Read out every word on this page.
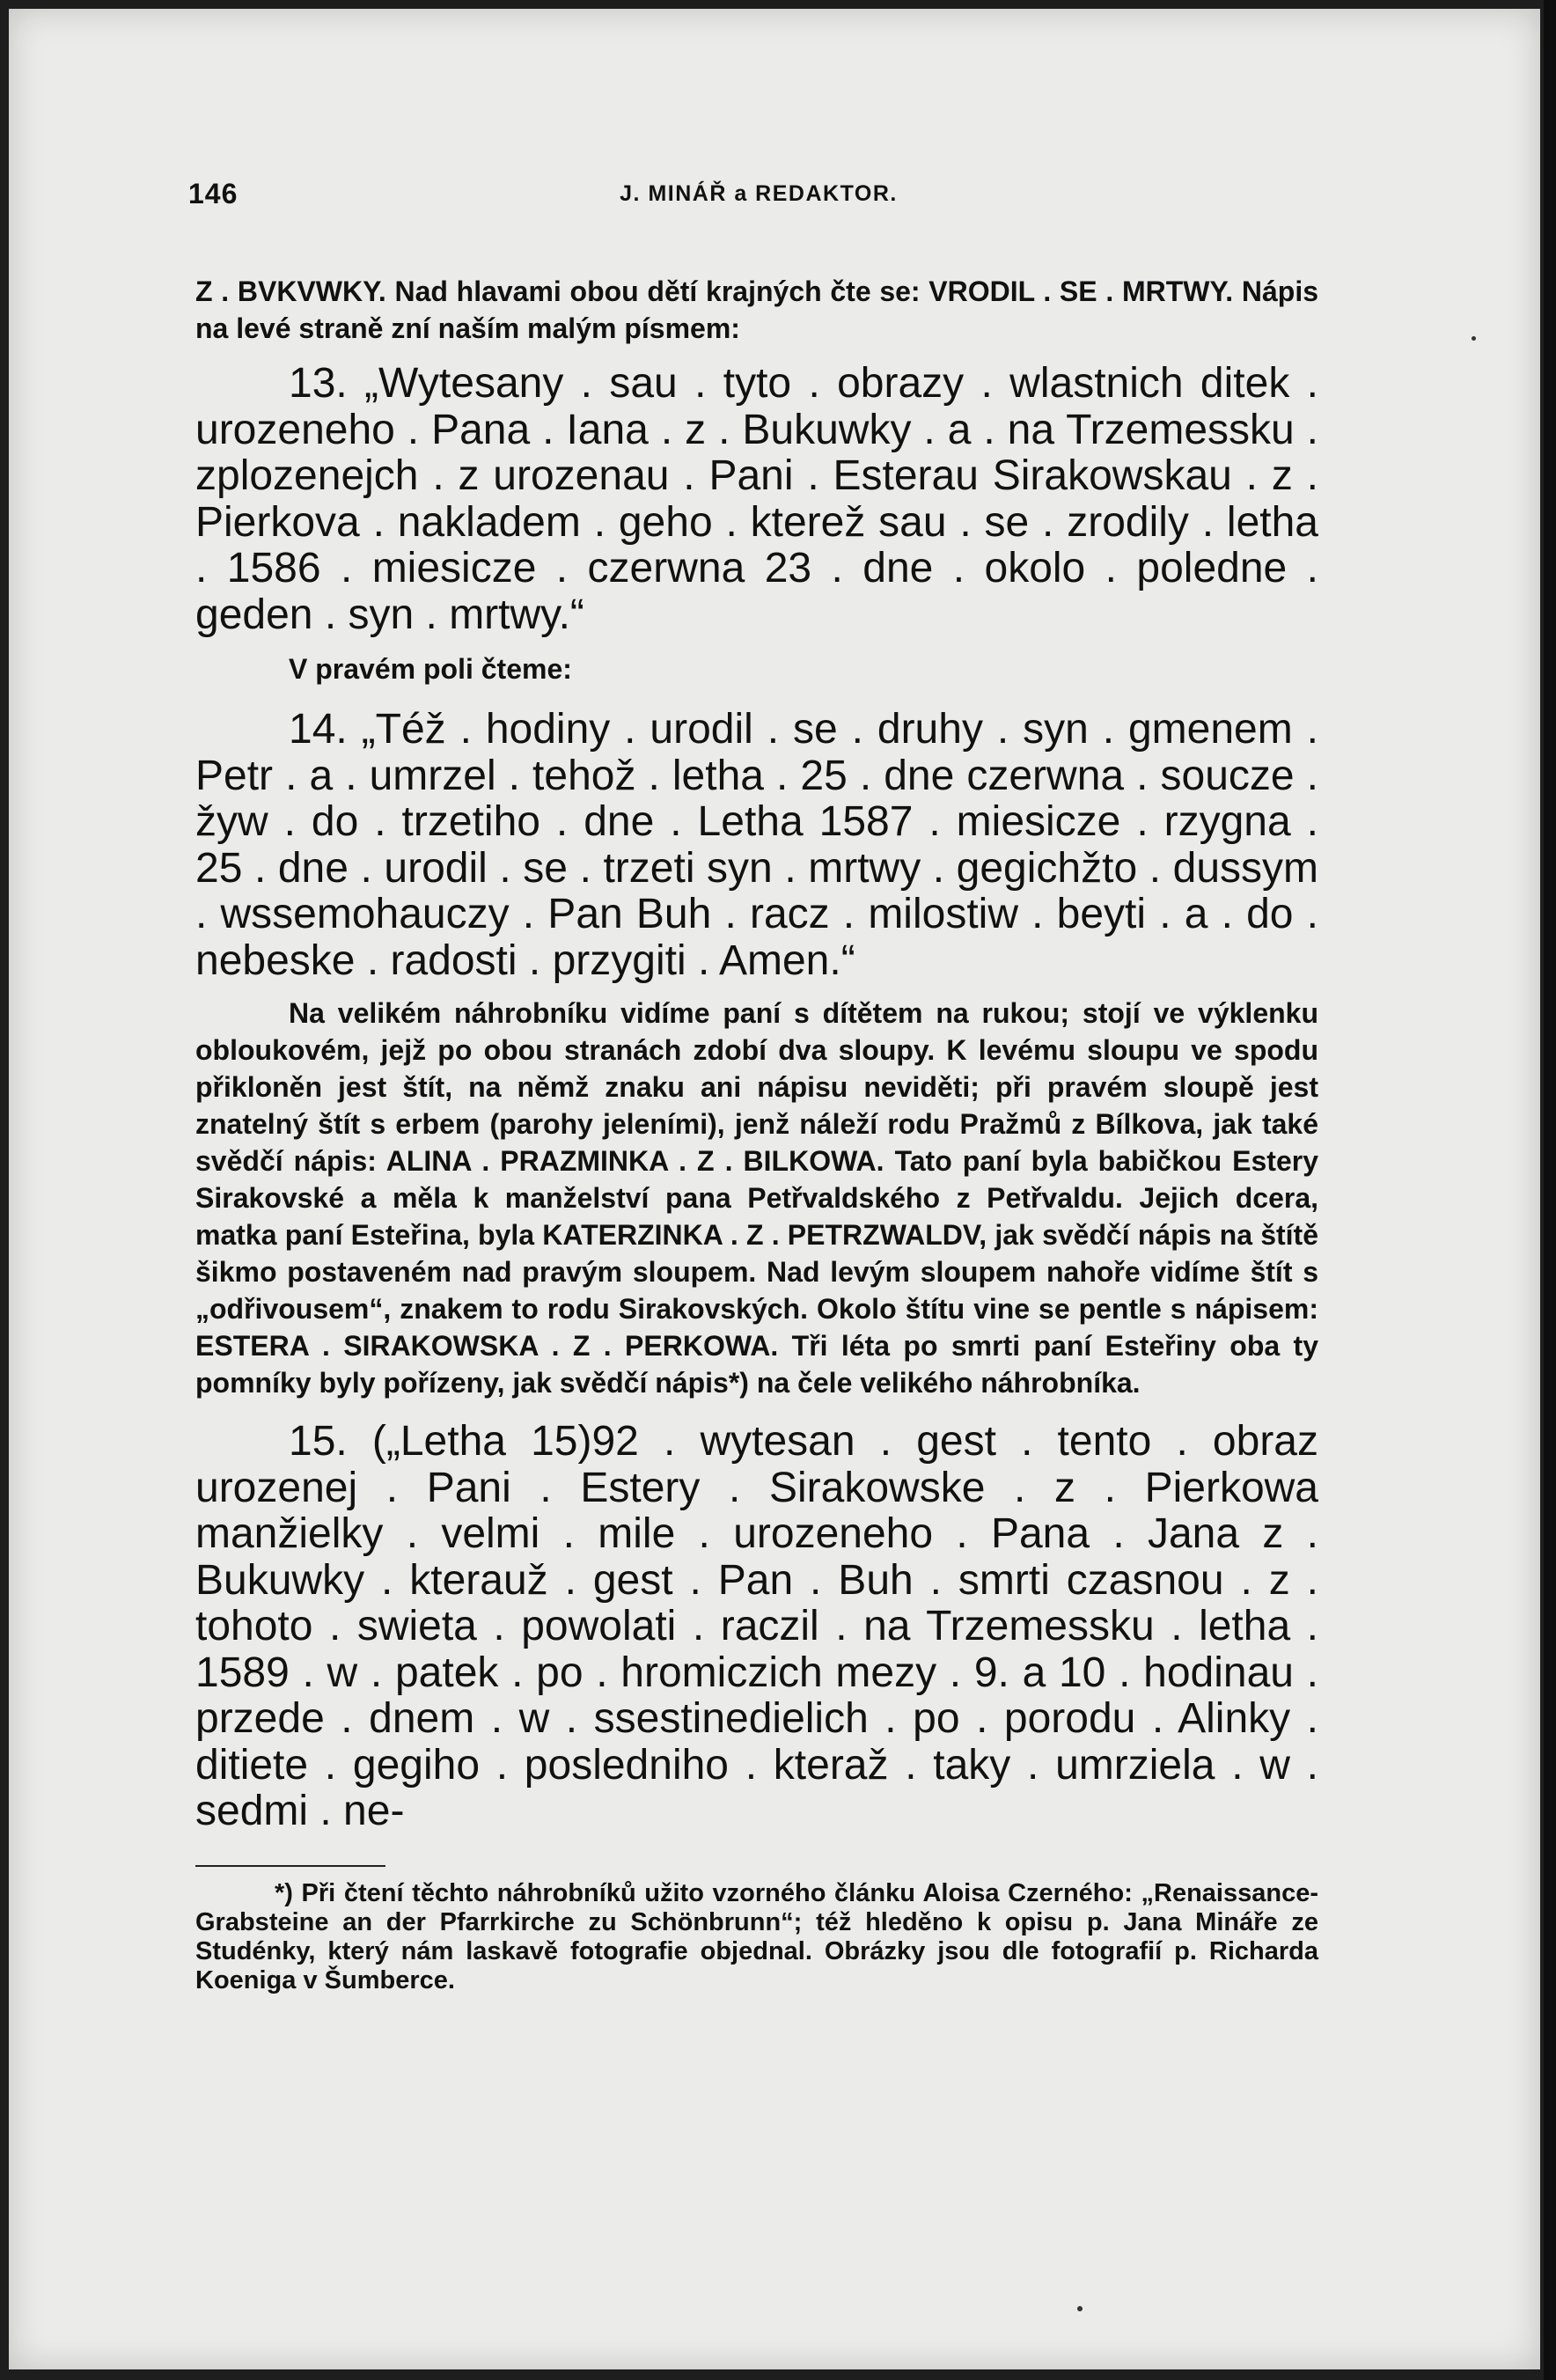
146	J. MINÁŘ a REDAKTOR.

Z . BVKVWKY. Nad hlavami obou dětí krajných čte se: VRODIL . SE . MRTWY. Nápis na levé straně zní naším malým písmem:

13. „Wytesany . sau . tyto . obrazy . wlastnich ditek . urozeneho . Pana . Iana . z . Bukuwky . a . na Trzemessku . zplozenejch . z urozenau . Pani . Esterau Sirakowskau . z . Pierkova . nakladem . geho . kterež sau . se . zrodily . letha . 1586 . miesicze . czerwna 23 . dne . okolo . poledne . geden . syn . mrtwy.“

V pravém poli čteme:

14. „Též . hodiny . urodil . se . druhy . syn . gmenem . Petr . a . umrzel . tehož . letha . 25 . dne czerwna . soucze . žyw . do . trzetiho . dne . Letha 1587 . miesicze . rzygna . 25 . dne . urodil . se . trzeti syn . mrtwy . gegichžto . dussym . wssemohauczy . Pan Buh . racz . milostiw . beyti . a . do . nebeske . radosti . przygiti . Amen.“

Na velikém náhrobníku vidíme paní s dítětem na rukou; stojí ve výklenku obloukovém, jejž po obou stranách zdobí dva sloupy. K levému sloupu ve spodu přikloněn jest štít, na němž znaku ani nápisu neviděti; při pravém sloupě jest znatelný štít s erbem (parohy jeleními), jenž náleží rodu Pražmů z Bílkova, jak také svědčí nápis: ALINA . PRAZMINKA . Z . BILKOWA. Tato paní byla babičkou Estery Sirakovské a měla k manželství pana Petřvaldského z Petřvaldu. Jejich dcera, matka paní Esteřina, byla KATERZINKA . Z . PETRZWALDV, jak svědčí nápis na štítě šikmo postaveném nad pravým sloupem. Nad levým sloupem nahoře vidíme štít s „odřivousem“, znakem to rodu Sirakovských. Okolo štítu vine se pentle s nápisem: ESTERA . SIRAKOWSKA . Z . PERKOWA. Tři léta po smrti paní Esteřiny oba ty pomníky byly pořízeny, jak svědčí nápis*) na čele velikého náhrobníka.

15. („Letha 15)92 . wytesan . gest . tento . obraz urozenej . Pani . Estery . Sirakowske . z . Pierkowa manžielky . velmi . mile . urozeneho . Pana . Jana z . Bukuwky . kterauž . gest . Pan . Buh . smrti czasnou . z . tohoto . swieta . powolati . raczil . na Trzemessku . letha . 1589 . w . patek . po . hromiczich mezy . 9. a 10 . hodinau . przede . dnem . w . ssestinedielich . po . porodu . Alinky . ditiete . gegiho . posledniho . kteraž . taky . umrziela . w . sedmi . ne-

*) Při čtení těchto náhrobníků užito vzorného článku Aloisa Czerného: „Renaissance-Grabsteine an der Pfarrkirche zu Schönbrunn“; též hleděno k opisu p. Jana Mináře ze Studénky, který nám laskavě fotografie objednal. Obrázky jsou dle fotografií p. Richarda Koeniga v Šumberce.
